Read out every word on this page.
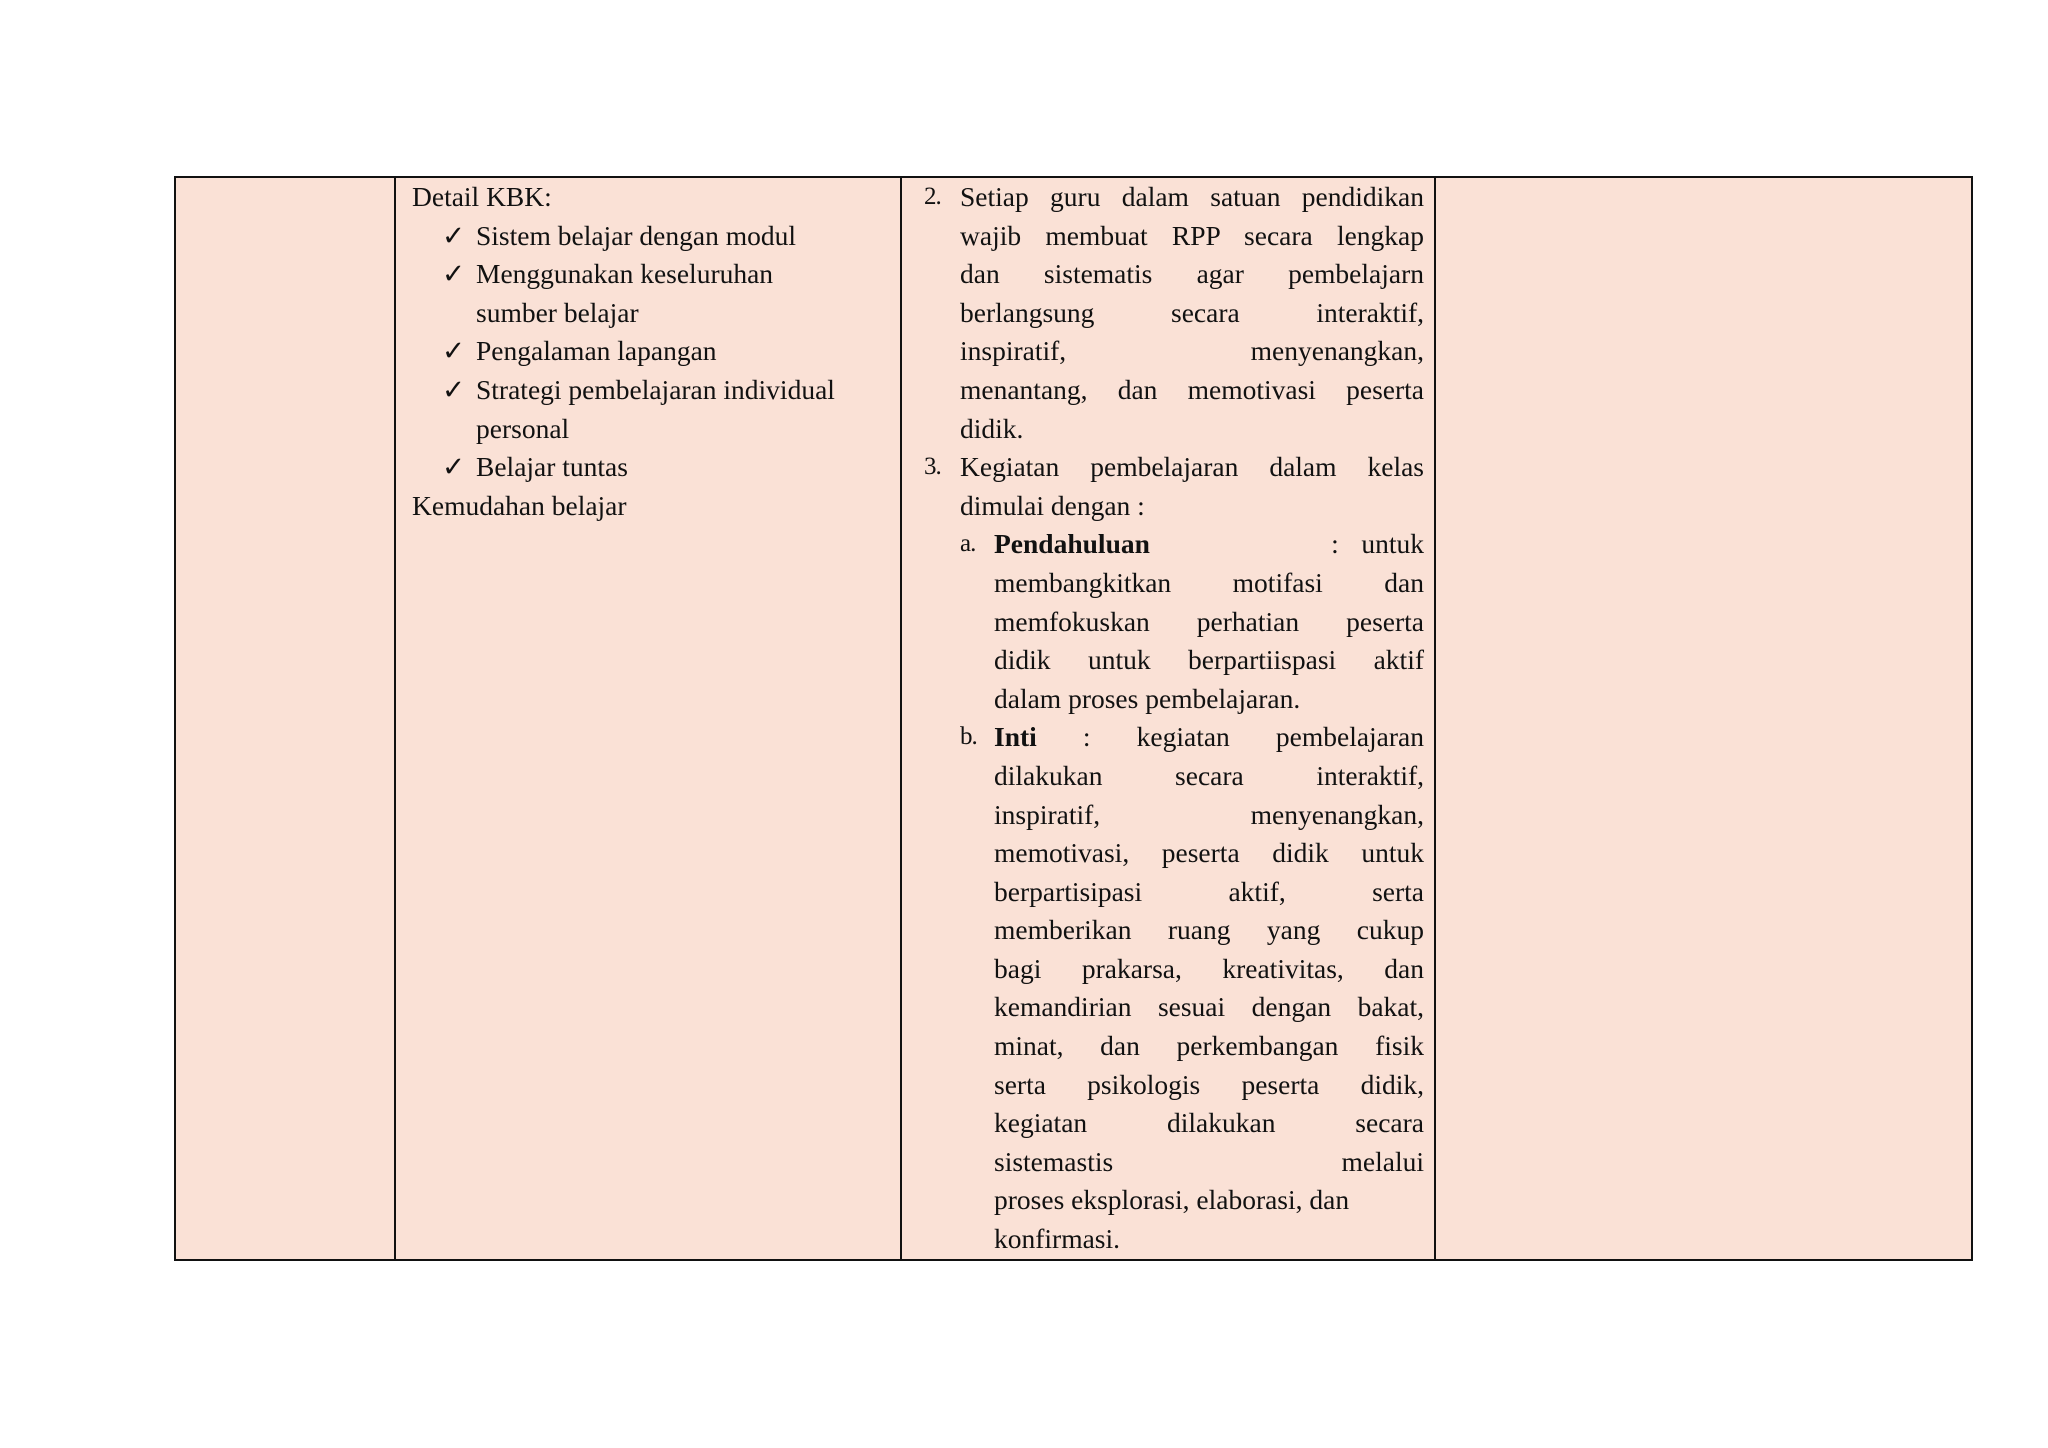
Detail KBK:
✓ Sistem belajar dengan modul
✓ Menggunakan keseluruhan
sumber belajar
✓ Pengalaman lapangan
✓ Strategi pembelajaran individual
personal
✓ Belajar tuntas
Kemudahan belajar

2. Setiap guru dalam satuan pendidikan
wajib membuat RPP secara lengkap
dan sistematis agar pembelajarn
berlangsung secara interaktif,
inspiratif, menyenangkan,
menantang, dan memotivasi peserta
didik.
3. Kegiatan pembelajaran dalam kelas
dimulai dengan :
a. Pendahuluan	: untuk
membangkitkan motifasi dan
memfokuskan perhatian peserta
didik untuk berpartiispasi aktif
dalam proses pembelajaran.
b. Inti : kegiatan pembelajaran
dilakukan secara interaktif,
inspiratif, menyenangkan,
memotivasi, peserta didik untuk
berpartisipasi aktif, serta
memberikan ruang yang cukup
bagi prakarsa, kreativitas, dan
kemandirian sesuai dengan bakat,
minat, dan perkembangan fisik
serta psikologis peserta didik,
kegiatan dilakukan secara
sistemastis melalui
proses eksplorasi, elaborasi, dan
konfirmasi.
